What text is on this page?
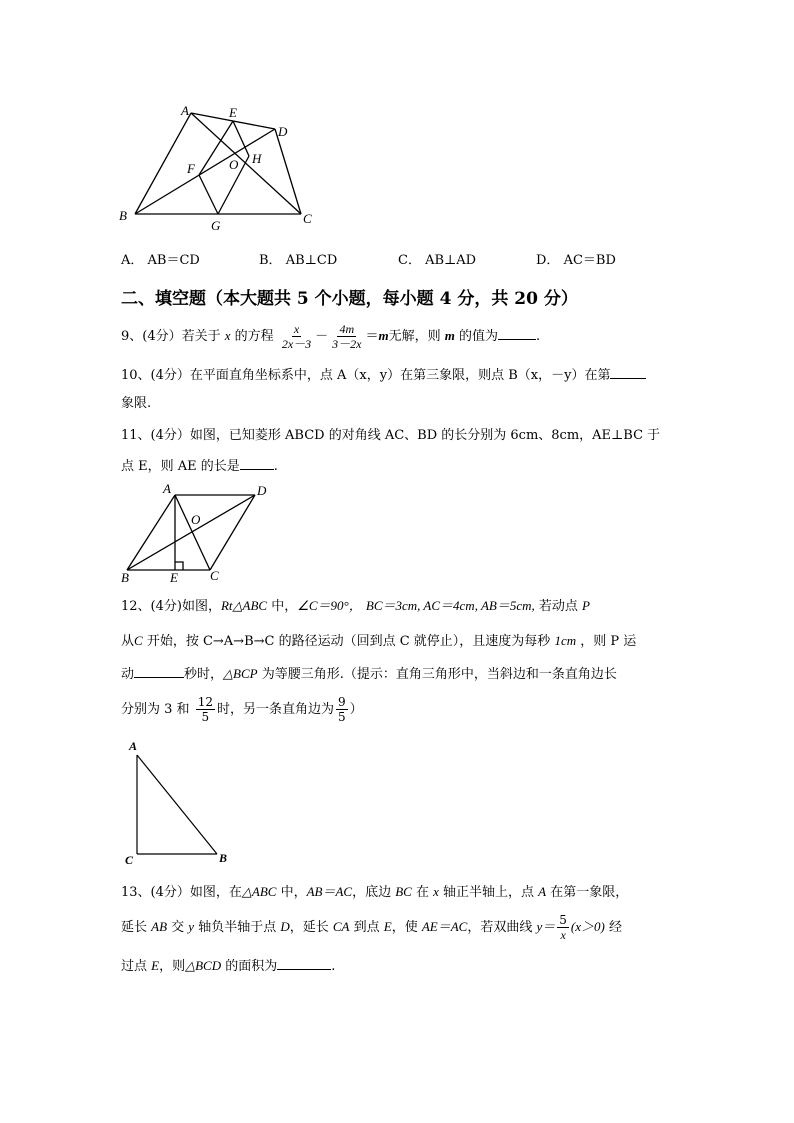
A	E
D
F	O H
B
G	C
A． AB＝CD	B． AB⊥CD	C． AB⊥AD	D． AC＝BD
二、填空题（本大题共 5 个小题，每小题 4 分，共 20 分）
9、(4分）若关于 x 的方程 $\frac{x}{2x-3} - \frac{4m}{3-2x} =m$无解，则 m 的值为	.
10、(4分）在平面直角坐标系中，点 A（x，y）在第三象限，则点 B（x，－y）在第
象限.
11、(4分）如图，已知菱形 ABCD 的对角线 AC、BD 的长分别为 6cm、8cm，AE⊥BC 于
点 E，则 AE 的长是	.
A	D
O
B	E C
12、(4分)如图，Rt△ABC 中，∠C＝90°， BC＝3cm, AC＝4cm, AB＝5cm, 若动点 P
从C 开始，按 C→A→B→C 的路径运动（回到点 C 就停止），且速度为每秒 1cm ，则 P 运
动	秒时，△BCP 为等腰三角形.（提示：直角三角形中，当斜边和一条直角边长
分别为 3 和 $\frac{12}{5}$ 时，另一条直角边为 $\frac{9}{5}$ ）
A
C	B
13、(4分）如图，在△ABC 中，AB＝AC，底边 BC 在 x 轴正半轴上，点 A 在第一象限，
延长 AB 交 y 轴负半轴于点 D，延长 CA 到点 E，使 AE＝AC，若双曲线 $y= \frac{5}{x} (x>0)$ 经
过点 E，则△BCD 的面积为	.
